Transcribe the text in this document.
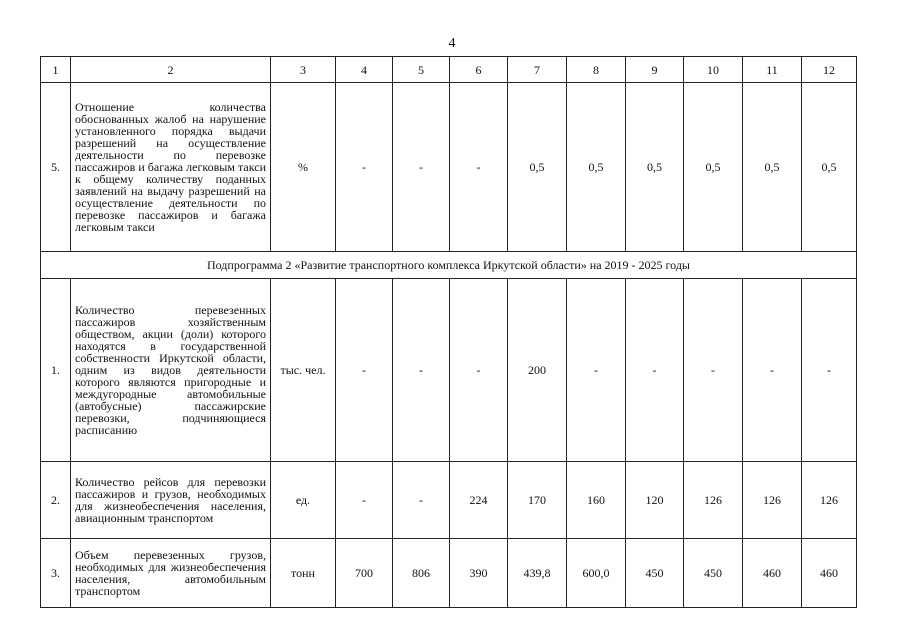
4
1	2	3	4	5	6	7	8	9	10	11	12
5.	Отношение количества обоснованных жалоб на нарушение установленного порядка выдачи разрешений на осуществление деятельности по перевозке пассажиров и багажа легковым такси к общему количеству поданных заявлений на выдачу разрешений на осуществление деятельности по перевозке пассажиров и багажа легковым такси	%	-	-	-	0,5	0,5	0,5	0,5	0,5	0,5
Подпрограмма 2 «Развитие транспортного комплекса Иркутской области» на 2019 - 2025 годы											
1.	Количество перевезенных пассажиров хозяйственным обществом, акции (доли) которого находятся в государственной собственности Иркутской области, одним из видов деятельности которого являются пригородные и междугородные автомобильные (автобусные) пассажирские перевозки, подчиняющиеся расписанию	тыс. чел.	-	-	-	200	-	-	-	-	-
2.	Количество рейсов для перевозки пассажиров и грузов, необходимых для жизнеобеспечения населения, авиационным транспортом	ед.	-	-	224	170	160	120	126	126	126
3.	Объем перевезенных грузов, необходимых для жизнеобеспечения населения, автомобильным транспортом	тонн	700	806	390	439,8	600,0	450	450	460	460
